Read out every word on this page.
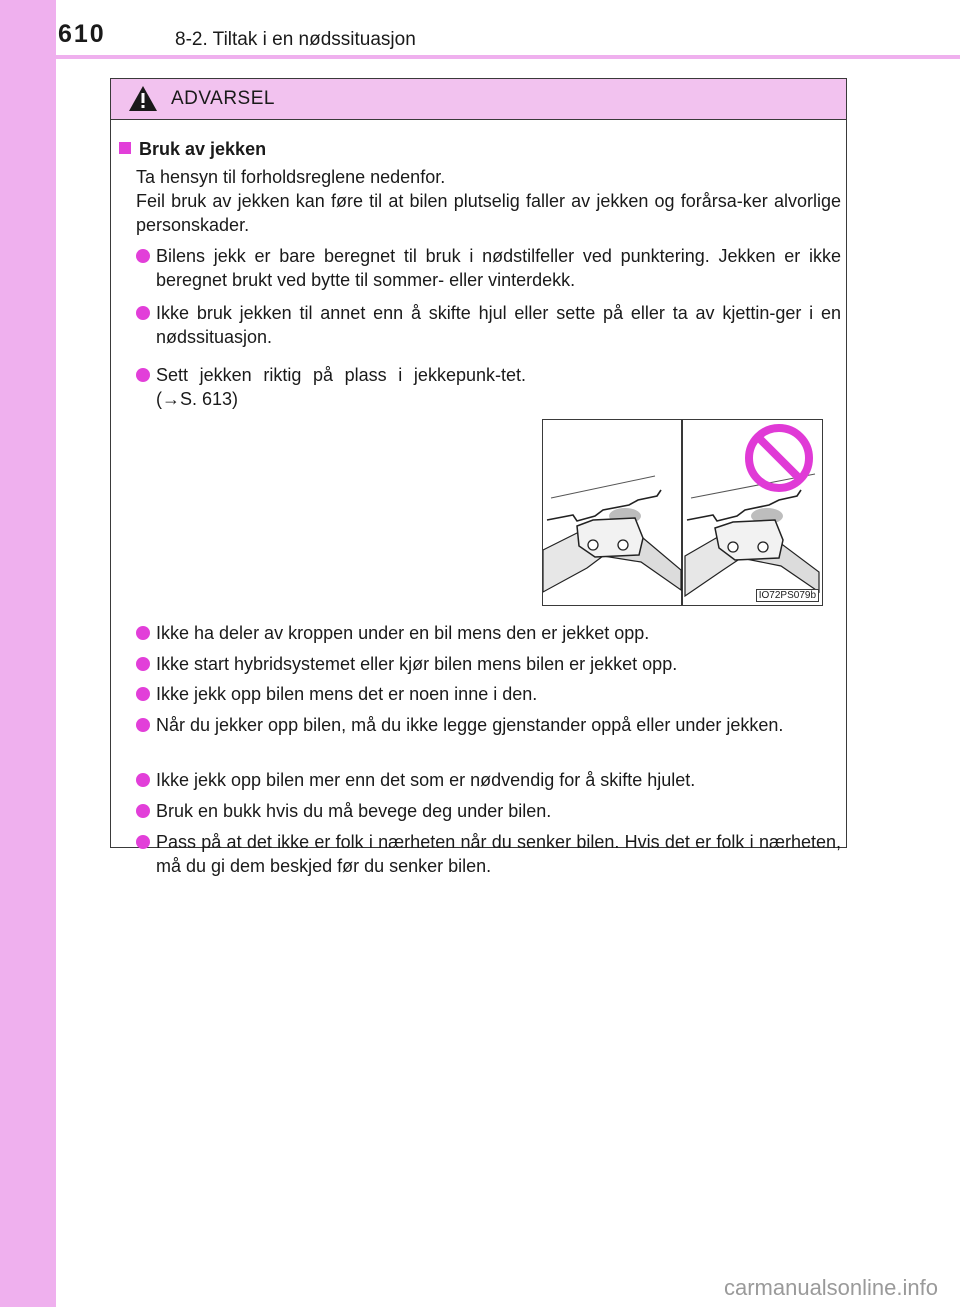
610	8-2. Tiltak i en nødssituasjon
ADVARSEL
Bruk av jekken
Ta hensyn til forholdsreglene nedenfor.
Feil bruk av jekken kan føre til at bilen plutselig faller av jekken og forårsa-ker alvorlige personskader.
Bilens jekk er bare beregnet til bruk i nødstilfeller ved punktering. Jekken er ikke beregnet brukt ved bytte til sommer- eller vinterdekk.
Ikke bruk jekken til annet enn å skifte hjul eller sette på eller ta av kjettin-ger i en nødssituasjon.
Sett jekken riktig på plass i jekkepunk-tet. (→S. 613)
IO72PS079b
Ikke ha deler av kroppen under en bil mens den er jekket opp.
Ikke start hybridsystemet eller kjør bilen mens bilen er jekket opp.
Ikke jekk opp bilen mens det er noen inne i den.
Når du jekker opp bilen, må du ikke legge gjenstander oppå eller under jekken.
Ikke jekk opp bilen mer enn det som er nødvendig for å skifte hjulet.
Bruk en bukk hvis du må bevege deg under bilen.
Pass på at det ikke er folk i nærheten når du senker bilen. Hvis det er folk i nærheten, må du gi dem beskjed før du senker bilen.
carmanualsonline.info
